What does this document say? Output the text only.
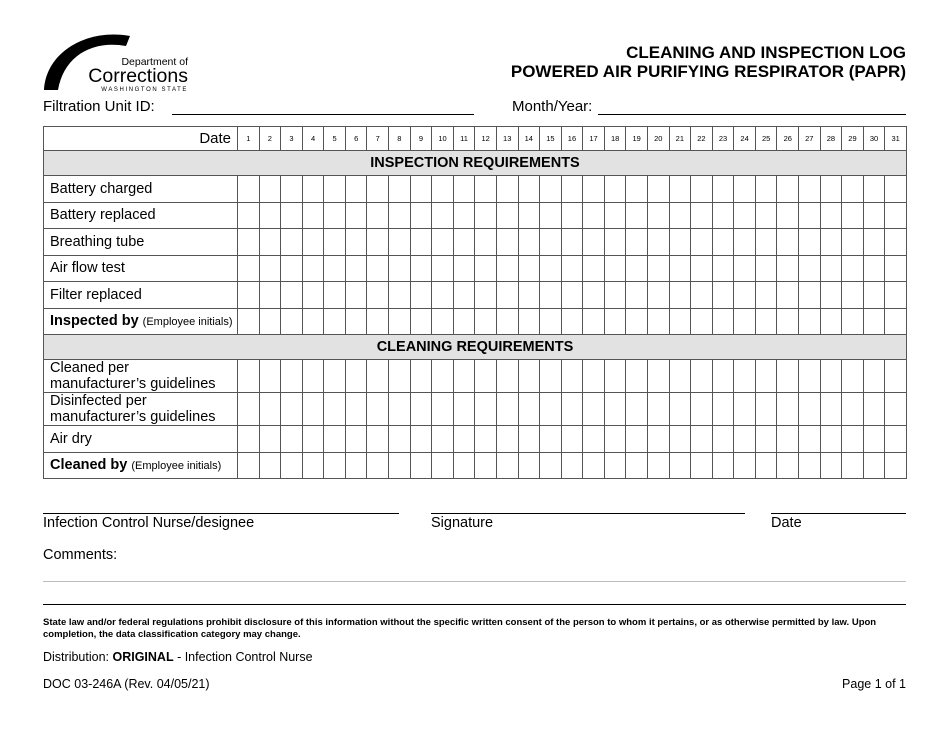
Department of
Corrections
WASHINGTON STATE
CLEANING AND INSPECTION LOG
POWERED AIR PURIFYING RESPIRATOR (PAPR)
Filtration Unit ID:	Month/Year:
Date	1	2	3	4	5	6	7	8	9	10	11	12	13	14	15	16	17	18	19	20	21	22	23	24	25	26	27	28	29	30	31
INSPECTION REQUIREMENTS																															
Battery charged																															
Battery replaced																															
Breathing tube																															
Air flow test																															
Filter replaced																															
Inspected by (Employee initials)																															
CLEANING REQUIREMENTS																															

Cleaned per
manufacturer’s guidelines																															

Disinfected per
manufacturer’s guidelines																															

Air dry																															
Cleaned by (Employee initials)																															
Infection Control Nurse/designee	Signature	Date
Comments:
State law and/or federal regulations prohibit disclosure of this information without the specific written consent of the person to whom it pertains, or as otherwise permitted by law. Upon completion, the data classification category may change.
Distribution: ORIGINAL - Infection Control Nurse
DOC 03-246A (Rev. 04/05/21)	Page 1 of 1
